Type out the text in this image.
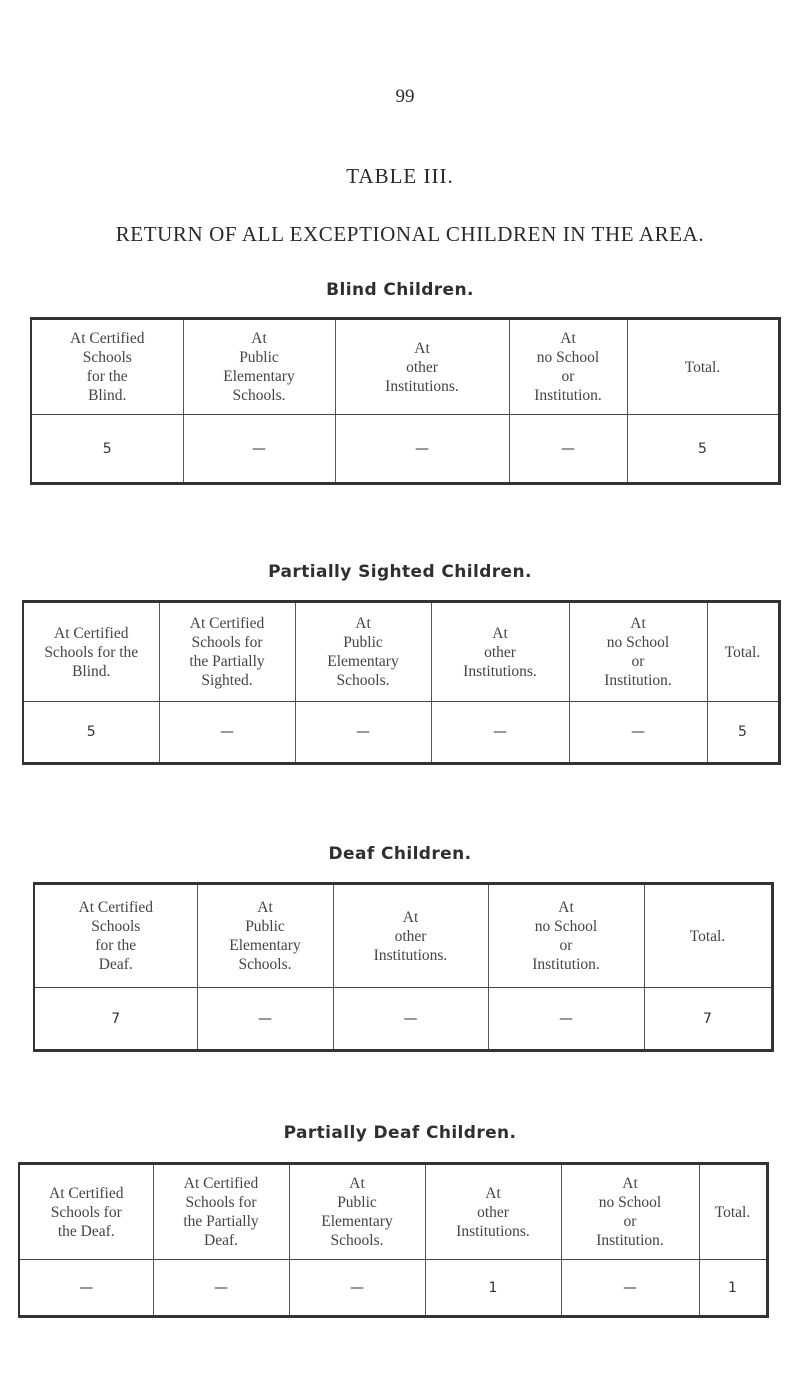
99
TABLE III.
RETURN OF ALL EXCEPTIONAL CHILDREN IN THE AREA.
Blind Children.
At Certified
Schools
for the
Blind.	At
Public
Elementary
Schools.	At
other
Institutions.	At
no School
or
Institution.	Total.
5	—	—	—	5
Partially Sighted Children.
At Certified
Schools for the
Blind.	At Certified
Schools for
the Partially
Sighted.	At
Public
Elementary
Schools.	At
other
Institutions.	At
no School
or
Institution.	Total.
5	—	—	—	—	5
Deaf Children.
At Certified
Schools
for the
Deaf.	At
Public
Elementary
Schools.	At
other
Institutions.	At
no School
or
Institution.	Total.
7	—	—	—	7
Partially Deaf Children.
At Certified
Schools for
the Deaf.	At Certified
Schools for
the Partially
Deaf.	At
Public
Elementary
Schools.	At
other
Institutions.	At
no School
or
Institution.	Total.
—	—	—	1	—	1
